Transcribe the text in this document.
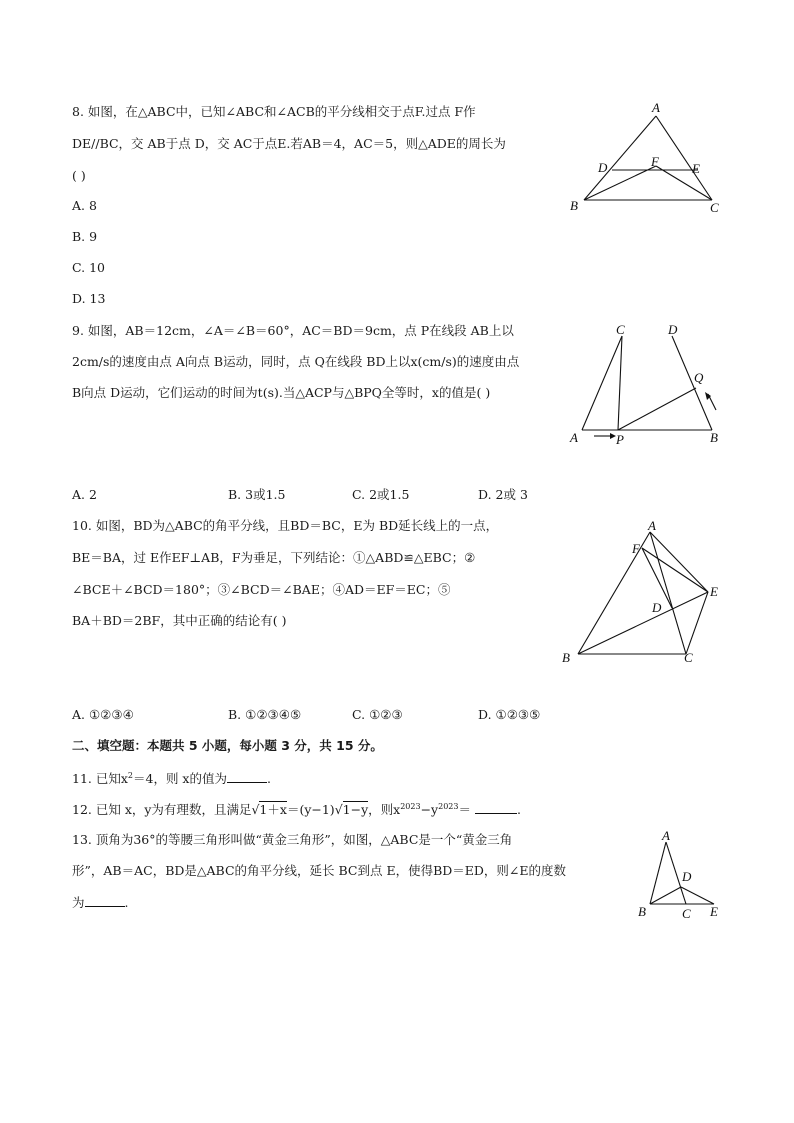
8. 如图，在△ABC中，已知∠ABC和∠ACB的平分线相交于点F.过点 F作
DE//BC，交 AB于点 D，交 AC于点E.若AB＝4，AC＝5，则△ADE的周长为
( )
A. 8
B. 9
C. 10
D. 13
A
B	C
D	E
F
9. 如图，AB＝12cm，∠A＝∠B＝60°，AC＝BD＝9cm，点 P在线段 AB上以
2cm/s的速度由点 A向点 B运动，同时，点 Q在线段 BD上以x(cm/s)的速度由点
B向点 D运动，它们运动的时间为t(s).当△ACP与△BPQ全等时，x的值是( )
C	D
A	P	B
Q
A. 2	B. 3或1.5	C. 2或1.5	D. 2或 3
10. 如图，BD为△ABC的角平分线，且BD＝BC，E为 BD延长线上的一点，
BE＝BA，过 E作EF⊥AB，F为垂足，下列结论：①△ABD≌△EBC；②
∠BCE＋∠BCD＝180°；③∠BCD＝∠BAE；④AD＝EF＝EC；⑤
BA＋BD＝2BF，其中正确的结论有( )
A
F
D
E
B	C
A. ①②③④	B. ①②③④⑤	C. ①②③	D. ①②③⑤
二、填空题：本题共 5 小题，每小题 3 分，共 15 分。
11. 已知$x^2=4$，则 x的值为	.
12. 已知 x，y为有理数，且满足√1＋x＝(y−1)√1−y，则$x^{2023}-y^{2023}=$	.
13. 顶角为36°的等腰三角形叫做“黄金三角形”，如图，△ABC是一个“黄金三角
形”，AB＝AC，BD是△ABC的角平分线，延长 BC到点 E，使得BD＝ED，则∠E的度数
为	.
A
D
B	C E
